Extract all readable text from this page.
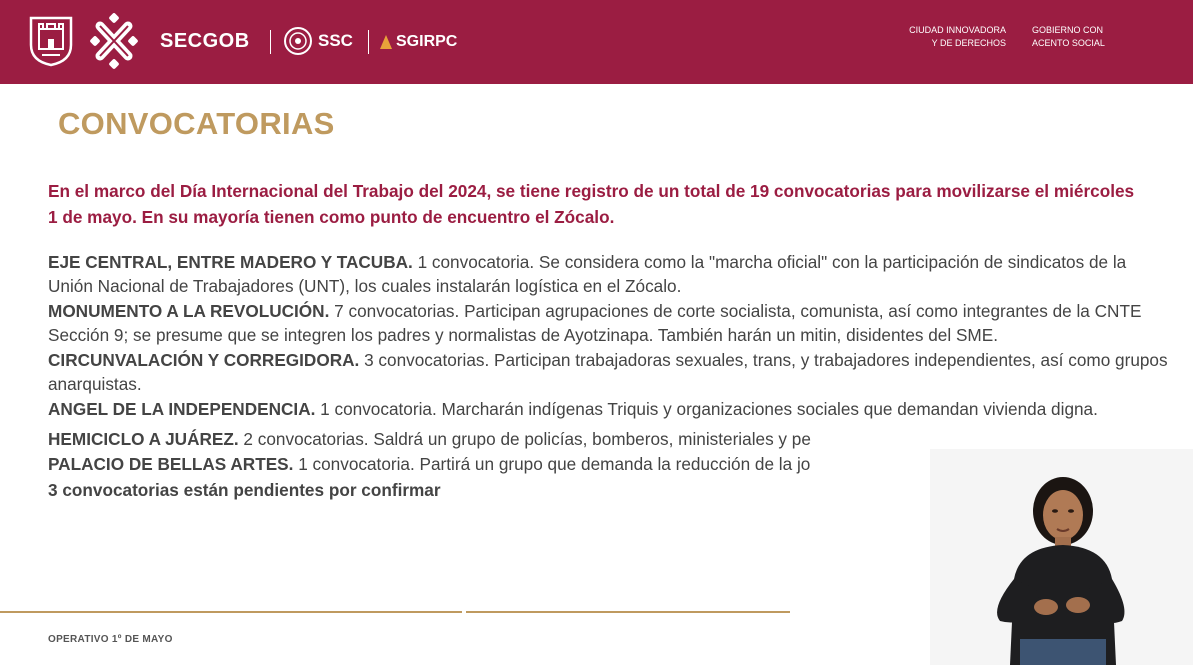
SECGOB	SSC	SGIRPC
CIUDAD INNOVADORA
Y DE DERECHOS
GOBIERNO CON
ACENTO SOCIAL
CONVOCATORIAS

En el marco del Día Internacional del Trabajo del 2024, se tiene registro de un total de 19 convocatorias para movilizarse el miércoles 1 de mayo. En su mayoría tienen como punto de encuentro el Zócalo.

EJE CENTRAL, ENTRE MADERO Y TACUBA. 1 convocatoria. Se considera como la "marcha oficial" con la participación de sindicatos de la Unión Nacional de Trabajadores (UNT), los cuales instalarán logística en el Zócalo.

MONUMENTO A LA REVOLUCIÓN. 7 convocatorias. Participan agrupaciones de corte socialista, comunista, así como integrantes de la CNTE Sección 9; se presume que se integren los padres y normalistas de Ayotzinapa. También harán un mitin, disidentes del SME.

CIRCUNVALACIÓN Y CORREGIDORA. 3 convocatorias. Participan trabajadoras sexuales, trans, y trabajadores independientes, así como grupos anarquistas.

ANGEL DE LA INDEPENDENCIA. 1 convocatoria. Marcharán indígenas Triquis y organizaciones sociales que demandan vivienda digna.

HEMICICLO A JUÁREZ. 2 convocatorias. Saldrá un grupo de policías, bomberos, ministeriales y pe

PALACIO DE BELLAS ARTES. 1 convocatoria. Partirá un grupo que demanda la reducción de la jo

3 convocatorias están pendientes por confirmar

OPERATIVO 1º DE MAYO
